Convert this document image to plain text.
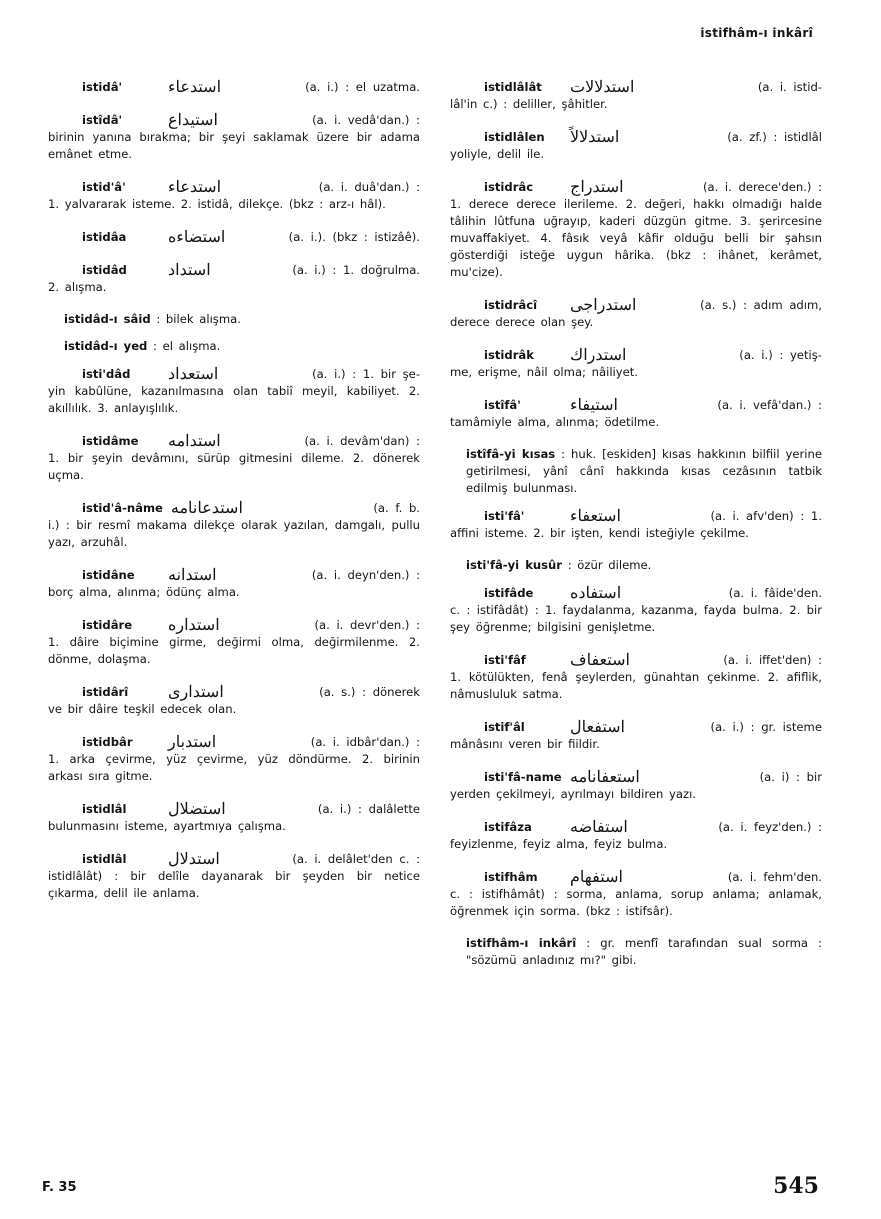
istifhâm-ı inkârî
istidâ'	استدعاء	(a. i.) : el uzatma.
istîdâ'	استيداع	(a. i. vedâ'dan.) :
birinin yanına bırakma; bir şeyi saklamak üzere bir adama emânet etme.
istid'â'	استدعاء	(a. i. duâ'dan.) :
1. yalvararak isteme. 2. istidâ, dilekçe. (bkz : arz-ı hâl).
istidâa	استضاءه	(a. i.). (bkz : istizâê).
istidâd	استداد	(a. i.) : 1. doğrulma.
2. alışma.
istidâd-ı sâid : bilek alışma.
istidâd-ı yed : el alışma.
isti'dâd	استعداد	(a. i.) : 1. bir şe-
yin kabûlüne, kazanılmasına olan tabiî meyil, kabiliyet. 2. akıllılık. 3. anlayışlılık.
istidâme	استدامه	(a. i. devâm'dan) :
1. bir şeyin devâmını, sürüp gitmesini dileme. 2. dönerek uçma.
istid'â-nâme استدعانامه	(a. f. b.
i.) : bir resmî makama dilekçe olarak yazılan, damgalı, pullu yazı, arzuhâl.
istidâne	استدانه	(a. i. deyn'den.) :
borç alma, alınma; ödünç alma.
istidâre	استداره	(a. i. devr'den.) :
1. dâire biçimine girme, değirmi olma, değirmilenme. 2. dönme, dolaşma.
istidârî	استداری	(a. s.) : dönerek
ve bir dâire teşkil edecek olan.
istidbâr	استدبار	(a. i. idbâr'dan.) :
1. arka çevirme, yüz çevirme, yüz döndürme. 2. birinin arkası sıra gitme.
istidlâl	استضلال	(a. i.) : dalâlette
bulunmasını isteme, ayartmıya çalışma.
istidlâl	استدلال	(a. i. delâlet'den c. :
istidlâlât) : bir delîle dayanarak bir şeyden bir netice çıkarma, delil ile anlama.
istidlâlât	استدلالات	(a. i. istid-
lâl'in c.) : deliller, şâhitler.
istidlâlen	استدلالاً	(a. zf.) : istidlâl
yoliyle, delil ile.
istidrâc	استدراج	(a. i. derece'den.) :
1. derece derece ilerileme. 2. değeri, hakkı olmadığı halde tâlihin lûtfuna uğrayıp, kaderi düzgün gitme. 3. şerircesine muvaffakiyet. 4. fâsık veyâ kâfir olduğu belli bir şahsın gösterdiği isteğe uygun hârika. (bkz : ihânet, kerâmet, mu'cize).
istidrâcî	استدراجی	(a. s.) : adım adım,
derece derece olan şey.
istidrâk	استدراك	(a. i.) : yetiş-
me, erişme, nâil olma; nâiliyet.
istîfâ'	استيفاء	(a. i. vefâ'dan.) :
tamâmiyle alma, alınma; ödetilme.
istîfâ-yi kısas : huk. [eskiden] kısas hakkının bilfiil yerine getirilmesi, yânî cânî hakkında kısas cezâsının tatbik edilmiş bulunması.
isti'fâ'	استعفاء	(a. i. afv'den) : 1.
affini isteme. 2. bir işten, kendi isteğiyle çekilme.
isti'fâ-yi kusûr : özür dileme.
istifâde	استفاده	(a. i. fâide'den.
c. : istifâdât) : 1. faydalanma, kazanma, fayda bulma. 2. bir şey öğrenme; bilgisini genişletme.
isti'fâf	استعفاف	(a. i. iffet'den) :
1. kötülükten, fenâ şeylerden, günahtan çekinme. 2. afiflik, nâmusluluk satma.
istif'âl	استفعال	(a. i.) : gr. isteme
mânâsını veren bir fiildir.
isti'fâ-name استعفانامه	(a. i) : bir
yerden çekilmeyi, ayrılmayı bildiren yazı.
istifâza	استفاضه	(a. i. feyz'den.) :
feyizlenme, feyiz alma, feyiz bulma.
istifhâm	استفهام	(a. i. fehm'den.
c. : istifhâmât) : sorma, anlama, sorup anlama; anlamak, öğrenmek için sorma. (bkz : istifsâr).
istifhâm-ı inkârî : gr. menfî tarafından sual sorma : "sözümü anladınız mı?" gibi.
F. 35	545
